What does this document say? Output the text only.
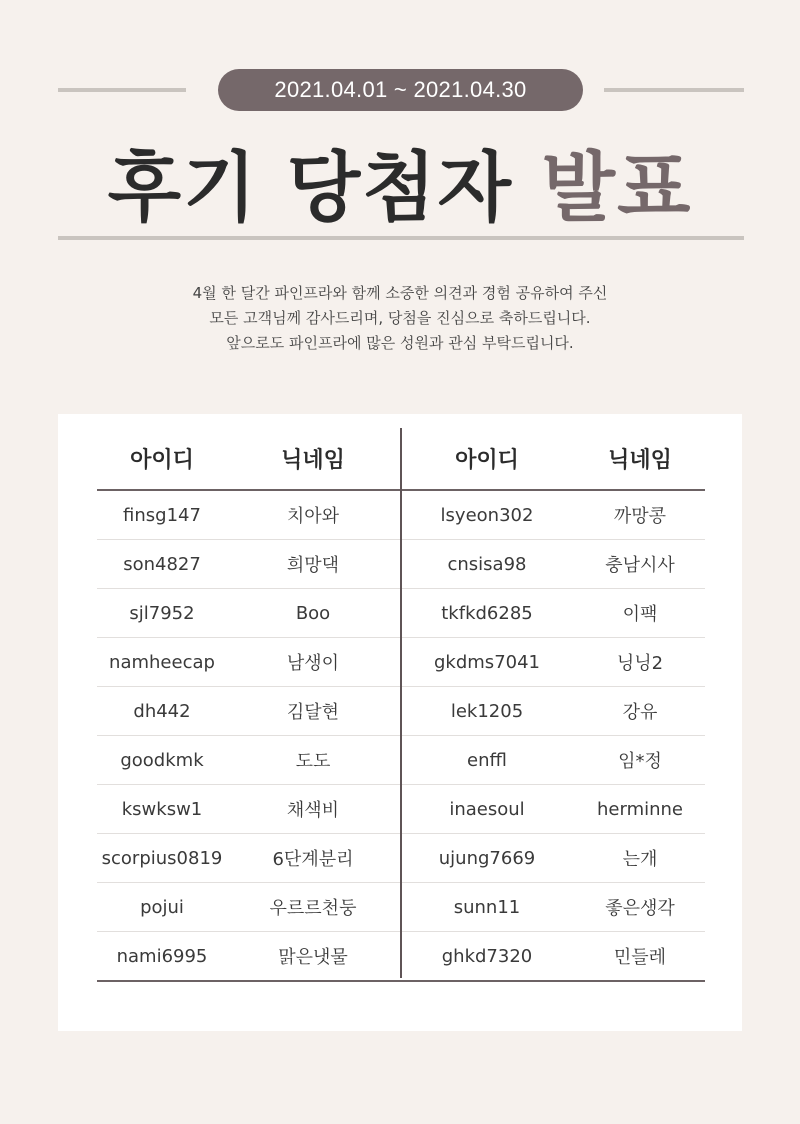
2021.04.01 ~ 2021.04.30
후기 당첨자 발표
4월 한 달간 파인프라와 함께 소중한 의견과 경험 공유하여 주신
모든 고객님께 감사드리며, 당첨을 진심으로 축하드립니다.
앞으로도 파인프라에 많은 성원과 관심 부탁드립니다.
아이디	닉네임	아이디	닉네임
finsg147	치아와	lsyeon302	까망콩
son4827	희망댁	cnsisa98	충남시사
sjl7952	Boo	tkfkd6285	이팩
namheecap	남생이	gkdms7041	닝닝2
dh442	김달현	lek1205	강유
goodkmk	도도	enffl	임*정
kswksw1	채색비	inaesoul	herminne
scorpius0819	6단계분리	ujung7669	는개
pojui	우르르천둥	sunn11	좋은생각
nami6995	맑은냇물	ghkd7320	민들레
